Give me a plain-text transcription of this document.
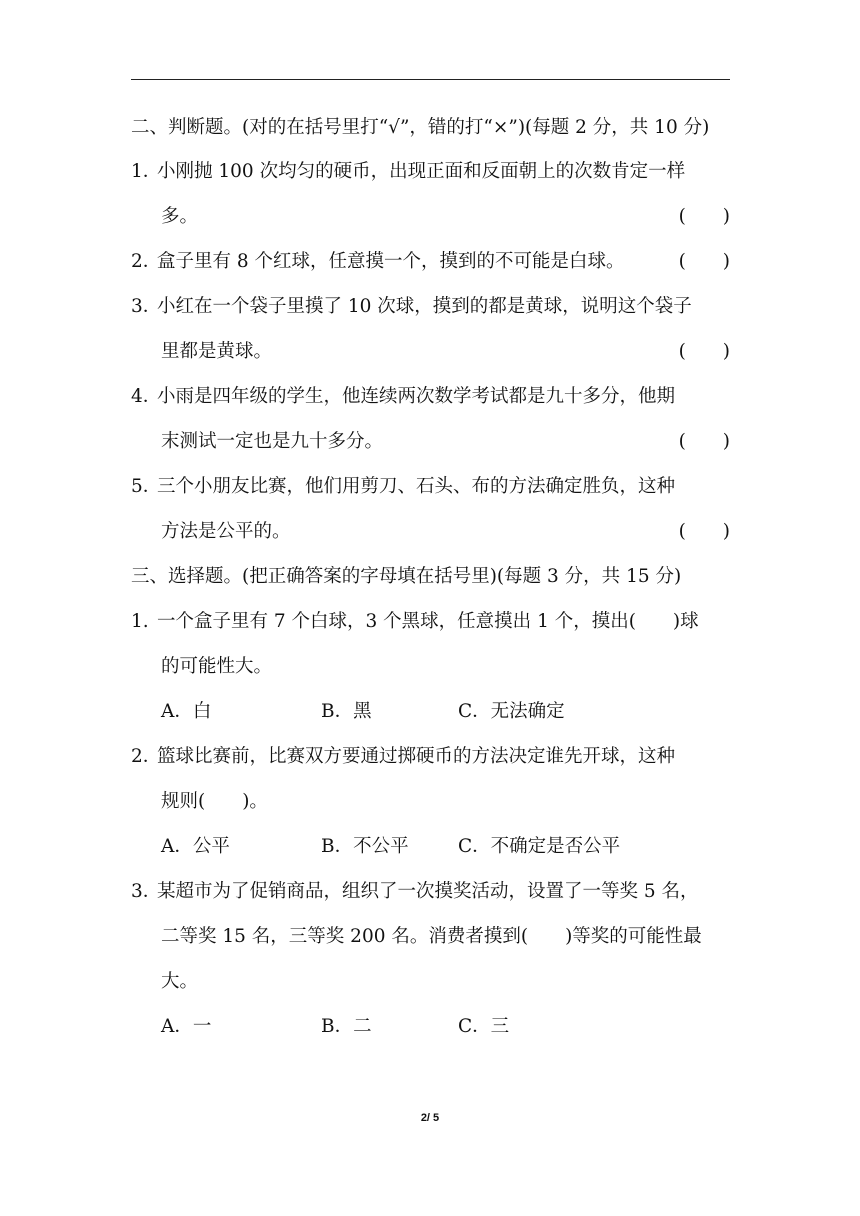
二、判断题。(对的在括号里打“√”，错的打“×”)(每题 2 分，共 10 分)
1．小刚抛 100 次均匀的硬币，出现正面和反面朝上的次数肯定一样
多。	(　　)
2．盒子里有 8 个红球，任意摸一个，摸到的不可能是白球。	(　　)
3．小红在一个袋子里摸了 10 次球，摸到的都是黄球，说明这个袋子
里都是黄球。	(　　)
4．小雨是四年级的学生，他连续两次数学考试都是九十多分，他期
末测试一定也是九十多分。	(　　)
5．三个小朋友比赛，他们用剪刀、石头、布的方法确定胜负，这种
方法是公平的。	(　　)
三、选择题。(把正确答案的字母填在括号里)(每题 3 分，共 15 分)
1. 一个盒子里有 7 个白球，3 个黑球，任意摸出 1 个，摸出(　　)球
的可能性大。
A．白	B．黑	C．无法确定
2．篮球比赛前，比赛双方要通过掷硬币的方法决定谁先开球，这种
规则(　　)。
A．公平	B．不公平	C．不确定是否公平
3．某超市为了促销商品，组织了一次摸奖活动，设置了一等奖 5 名，
二等奖 15 名，三等奖 200 名。消费者摸到(　　)等奖的可能性最
大。
A．一	B．二	C．三
2/ 5
